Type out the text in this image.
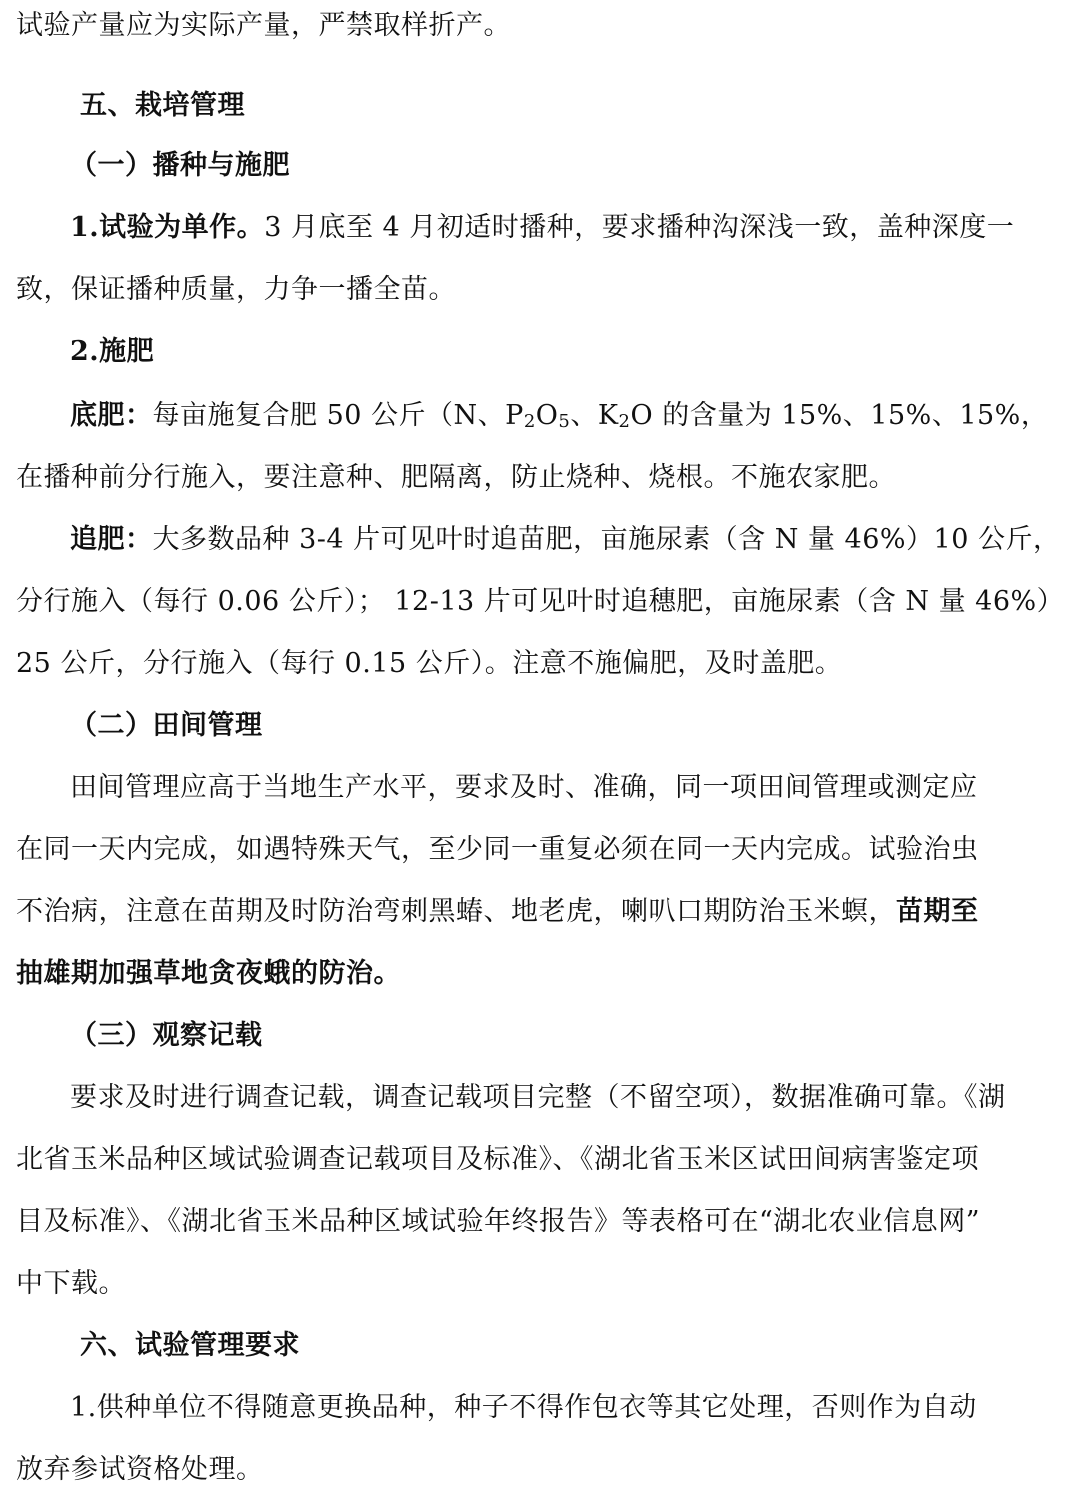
试验产量应为实际产量，严禁取样折产。
五、栽培管理
（一）播种与施肥
1.试验为单作。3 月底至 4 月初适时播种，要求播种沟深浅一致，盖种深度一
致，保证播种质量，力争一播全苗。
2.施肥
底肥：每亩施复合肥 50 公斤（N、P2O5、K2O 的含量为 15%、15%、15%，
在播种前分行施入，要注意种、肥隔离，防止烧种、烧根。不施农家肥。
追肥：大多数品种 3-4 片可见叶时追苗肥，亩施尿素（含 N 量 46%）10 公斤，
分行施入（每行 0.06 公斤）； 12-13 片可见叶时追穗肥，亩施尿素（含 N 量 46%）
25 公斤，分行施入（每行 0.15 公斤）。注意不施偏肥，及时盖肥。
（二）田间管理
田间管理应高于当地生产水平，要求及时、准确，同一项田间管理或测定应
在同一天内完成，如遇特殊天气，至少同一重复必须在同一天内完成。试验治虫
不治病，注意在苗期及时防治弯刺黑蝽、地老虎，喇叭口期防治玉米螟，苗期至
抽雄期加强草地贪夜蛾的防治。
（三）观察记载
要求及时进行调查记载，调查记载项目完整（不留空项），数据准确可靠。《湖
北省玉米品种区域试验调查记载项目及标准》、《湖北省玉米区试田间病害鉴定项
目及标准》、《湖北省玉米品种区域试验年终报告》等表格可在“湖北农业信息网”
中下载。
六、试验管理要求
1.供种单位不得随意更换品种，种子不得作包衣等其它处理，否则作为自动
放弃参试资格处理。
